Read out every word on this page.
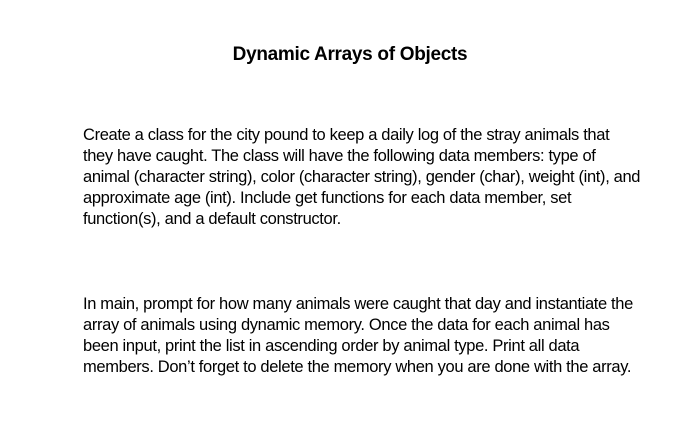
Dynamic Arrays of Objects

Create a class for the city pound to keep a daily log of the stray animals that
they have caught. The class will have the following data members: type of
animal (character string), color (character string), gender (char), weight (int), and
approximate age (int). Include get functions for each data member, set
function(s), and a default constructor.

In main, prompt for how many animals were caught that day and instantiate the
array of animals using dynamic memory. Once the data for each animal has
been input, print the list in ascending order by animal type. Print all data
members. Don’t forget to delete the memory when you are done with the array.
